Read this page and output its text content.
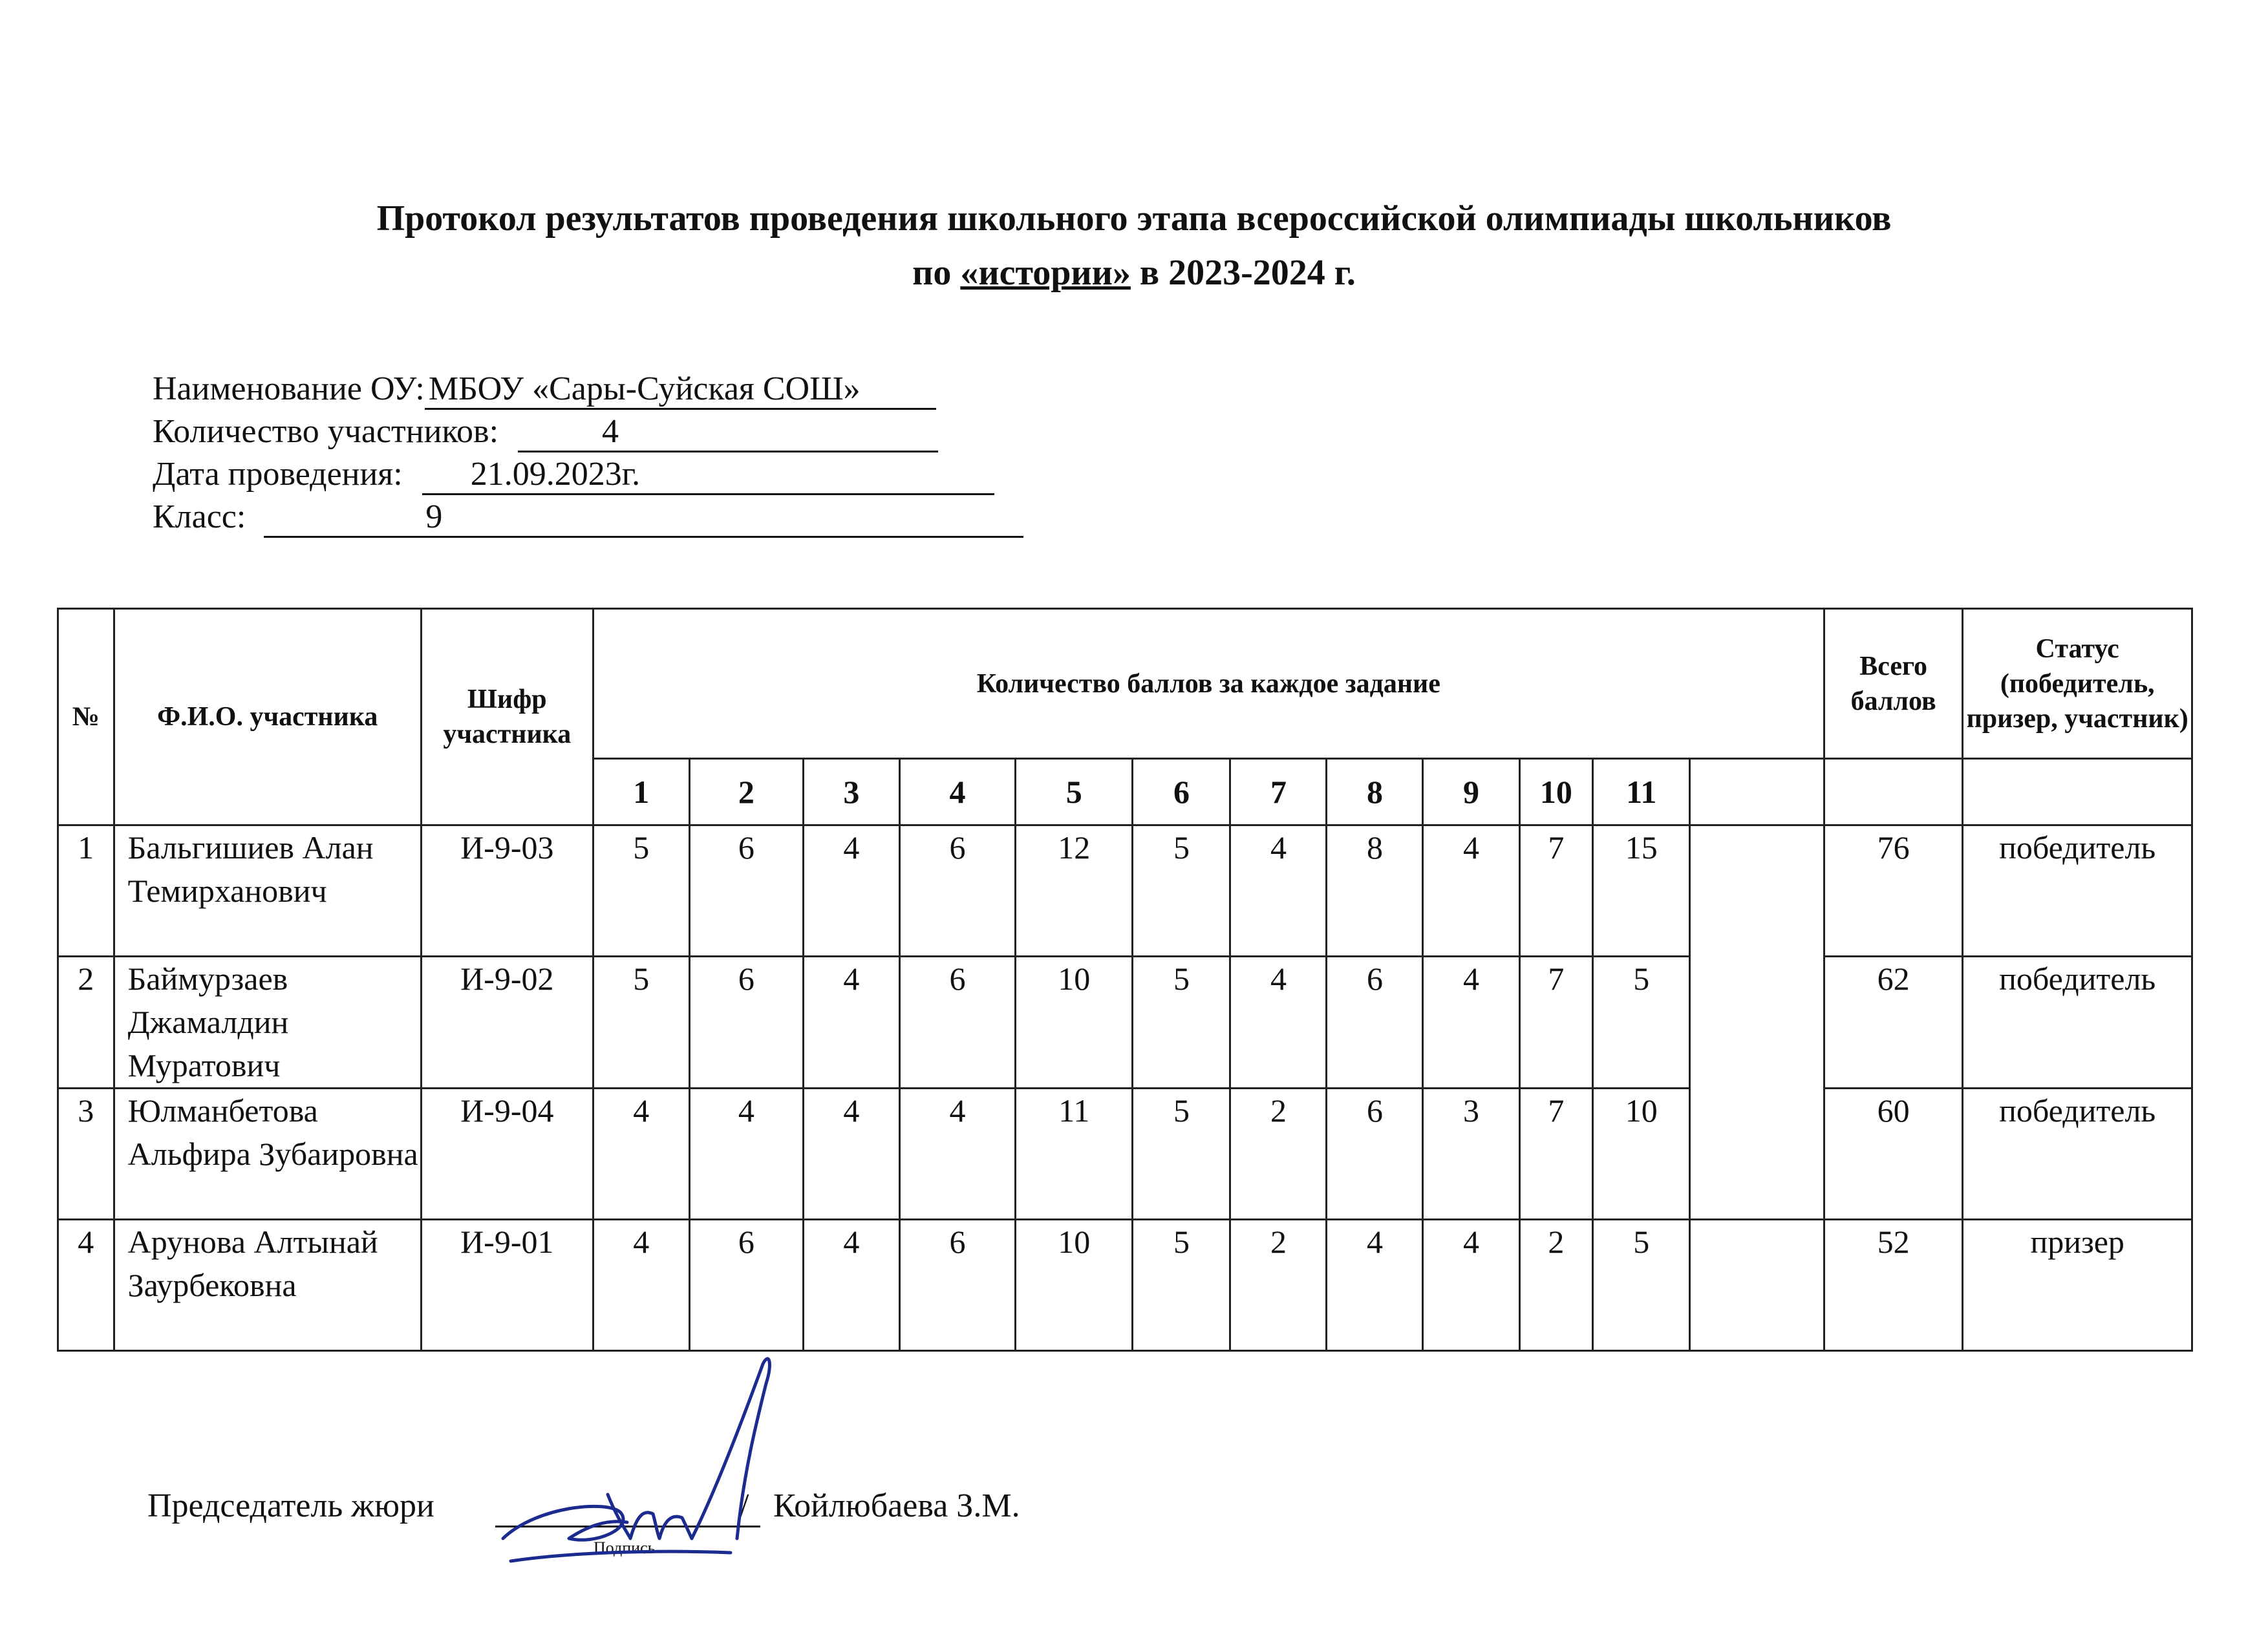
Протокол результатов проведения школьного этапа всероссийской олимпиады школьников
по «истории» в 2023-2024 г.
Наименование ОУ: МБОУ «Сары-Суйская СОШ»
Количество участников:	4
Дата проведения: 21.09.2023г.
Класс:	9
№	Ф.И.О. участника	Шифр участника	Количество баллов за каждое задание												Всего баллов	Статус (победитель, призер, участник)
			1	2	3	4	5	6	7	8	9	10	11			
1	Бальгишиев Алан Темирханович	И-9-03	5	6	4	6	12	5	4	8	4	7	15		76	победитель
2	Баймурзаев Джамалдин Муратович	И-9-02	5	6	4	6	10	5	4	6	4	7	5		62	победитель
3	Юлманбетова Альфира Зубаировна	И-9-04	4	4	4	4	11	5	2	6	3	7	10		60	победитель
4	Арунова Алтынай Заурбековна	И-9-01	4	6	4	6	10	5	2	4	4	2	5		52	призер
Председатель жюри	/ Койлюбаева З.М.
Подпись
